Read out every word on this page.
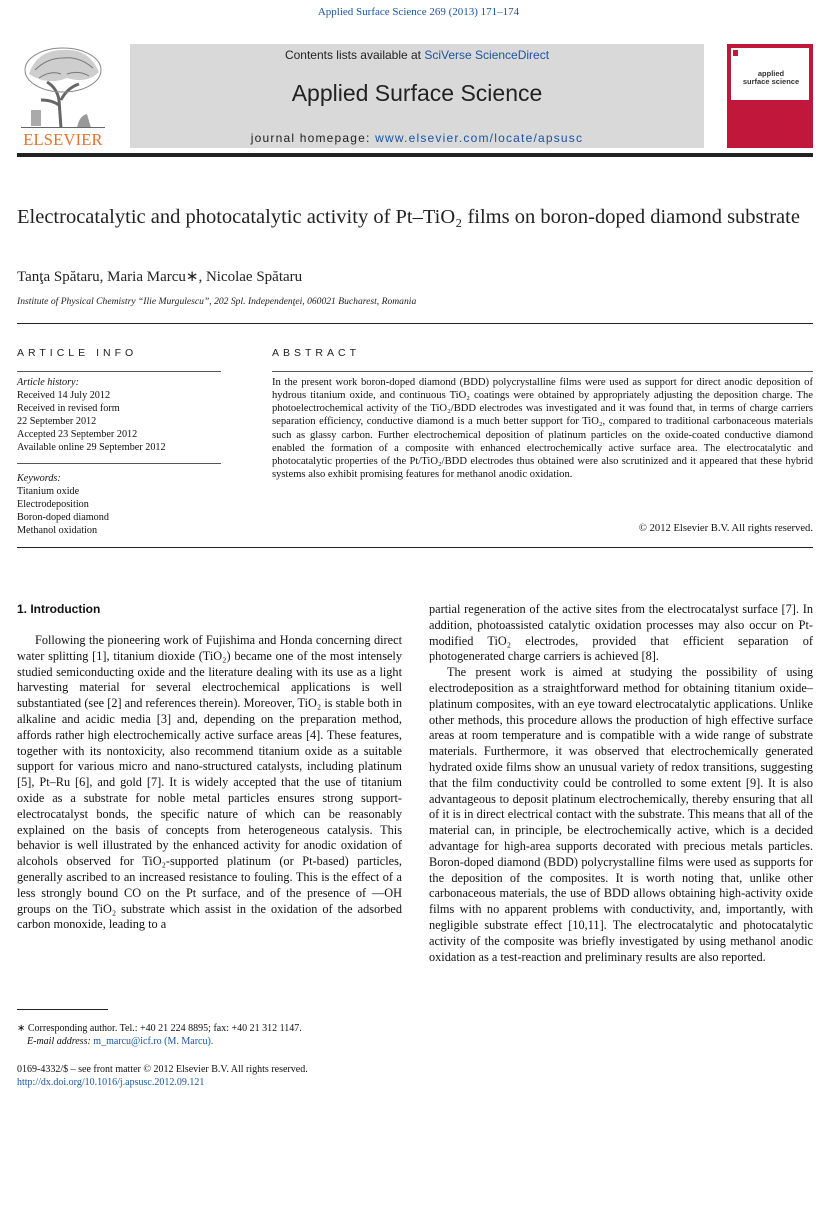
Applied Surface Science 269 (2013) 171–174
ELSEVIER
Contents lists available at SciVerse ScienceDirect
Applied Surface Science
journal homepage: www.elsevier.com/locate/apsusc
applied
surface science
Electrocatalytic and photocatalytic activity of Pt–TiO₂ films on boron-doped diamond substrate
Tanţa Spătaru, Maria Marcu∗, Nicolae Spătaru
Institute of Physical Chemistry “Ilie Murgulescu”, 202 Spl. Independenţei, 060021 Bucharest, Romania
ARTICLE INFO
Article history:
Received 14 July 2012
Received in revised form
22 September 2012
Accepted 23 September 2012
Available online 29 September 2012
Keywords:
Titanium oxide
Electrodeposition
Boron-doped diamond
Methanol oxidation
ABSTRACT
In the present work boron-doped diamond (BDD) polycrystalline films were used as support for direct anodic deposition of hydrous titanium oxide, and continuous TiO₂ coatings were obtained by appropriately adjusting the deposition charge. The photoelectrochemical activity of the TiO₂/BDD electrodes was investigated and it was found that, in terms of charge carriers separation efficiency, conductive diamond is a much better support for TiO₂, compared to traditional carbonaceous materials such as glassy carbon. Further electrochemical deposition of platinum particles on the oxide-coated conductive diamond enabled the formation of a composite with enhanced electrochemically active surface area. The electrocatalytic and photocatalytic properties of the Pt/TiO₂/BDD electrodes thus obtained were also scrutinized and it appeared that these hybrid systems also exhibit promising features for methanol anodic oxidation.
© 2012 Elsevier B.V. All rights reserved.
1. Introduction

Following the pioneering work of Fujishima and Honda concerning direct water splitting [1], titanium dioxide (TiO₂) became one of the most intensely studied semiconducting oxide and the literature dealing with its use as a light harvesting material for several electrochemical applications is well substantiated (see [2] and references therein). Moreover, TiO₂ is stable both in alkaline and acidic media [3] and, depending on the preparation method, affords rather high electrochemically active surface areas [4]. These features, together with its nontoxicity, also recommend titanium oxide as a suitable support for various micro and nano-structured catalysts, including platinum [5], Pt–Ru [6], and gold [7]. It is widely accepted that the use of titanium oxide as a substrate for noble metal particles ensures strong support-electrocatalyst bonds, the specific nature of which can be reasonably explained on the basis of concepts from heterogeneous catalysis. This behavior is well illustrated by the enhanced activity for anodic oxidation of alcohols observed for TiO₂-supported platinum (or Pt-based) particles, generally ascribed to an increased resistance to fouling. This is the effect of a less strongly bound CO on the Pt surface, and of the presence of —OH groups on the TiO₂ substrate which assist in the oxidation of the adsorbed carbon monoxide, leading to a

partial regeneration of the active sites from the electrocatalyst surface [7]. In addition, photoassisted catalytic oxidation processes may also occur on Pt-modified TiO₂ electrodes, provided that efficient separation of photogenerated charge carriers is achieved [8].

The present work is aimed at studying the possibility of using electrodeposition as a straightforward method for obtaining titanium oxide–platinum composites, with an eye toward electrocatalytic applications. Unlike other methods, this procedure allows the production of high effective surface areas at room temperature and is compatible with a wide range of substrate materials. Furthermore, it was observed that electrochemically generated hydrated oxide films show an unusual variety of redox transitions, suggesting that the film conductivity could be controlled to some extent [9]. It is also advantageous to deposit platinum electrochemically, thereby ensuring that all of it is in direct electrical contact with the substrate. This means that all of the material can, in principle, be electrochemically active, which is a decided advantage for high-area supports decorated with precious metals particles. Boron-doped diamond (BDD) polycrystalline films were used as supports for the deposition of the composites. It is worth noting that, unlike other carbonaceous materials, the use of BDD allows obtaining high-activity oxide films with no apparent problems with conductivity, and, importantly, with negligible substrate effect [10,11]. The electrocatalytic and photocatalytic activity of the composite was briefly investigated by using methanol anodic oxidation as a test-reaction and preliminary results are also reported.

∗ Corresponding author. Tel.: +40 21 224 8895; fax: +40 21 312 1147.
E-mail address: m_marcu@icf.ro (M. Marcu).
0169-4332/$ – see front matter © 2012 Elsevier B.V. All rights reserved.
http://dx.doi.org/10.1016/j.apsusc.2012.09.121
